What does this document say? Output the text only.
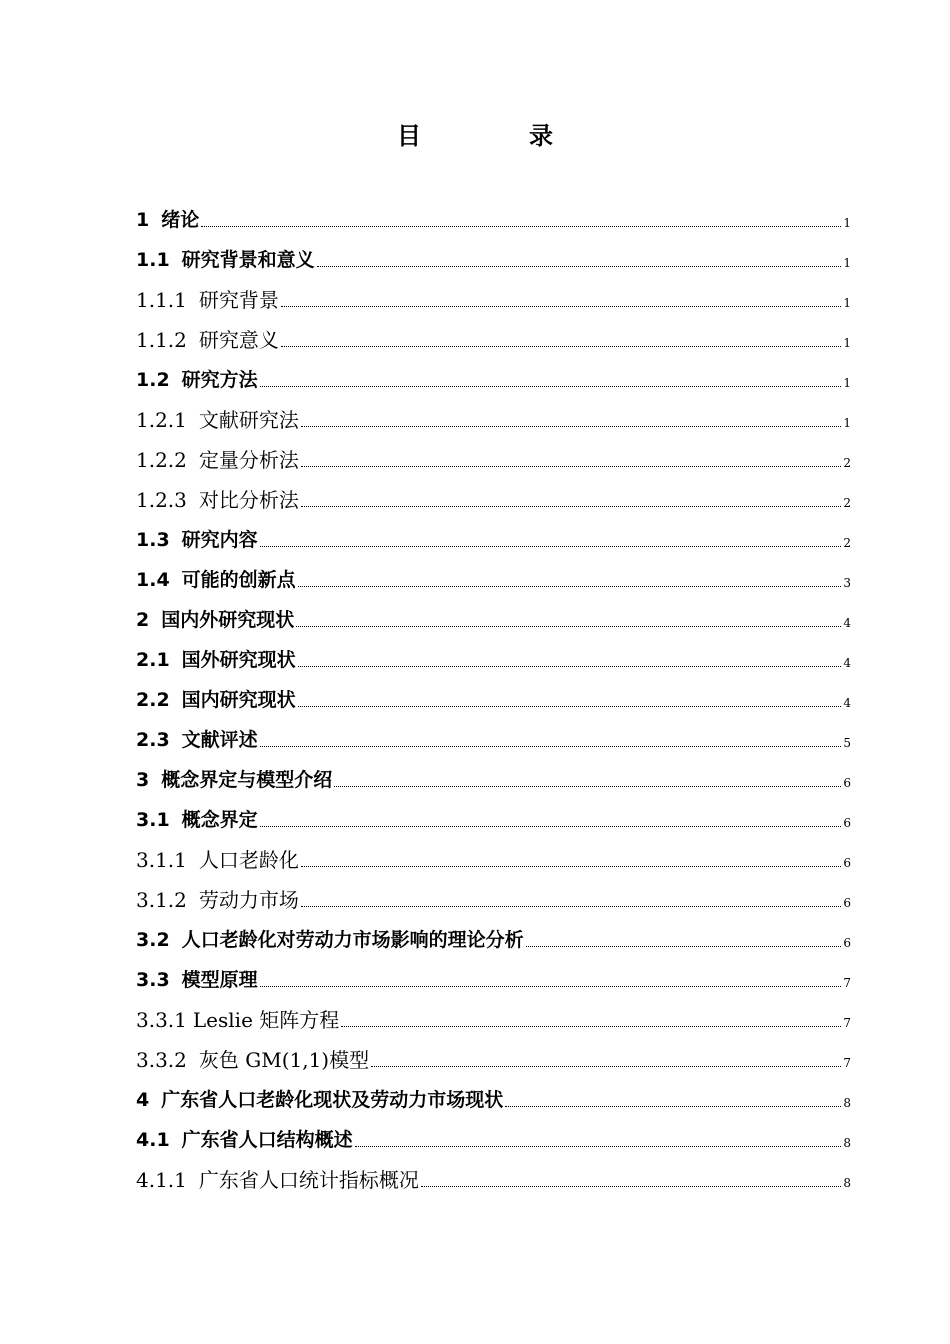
目　录
1 绪论	1
1.1 研究背景和意义	1
1.1.1 研究背景	1
1.1.2 研究意义	1
1.2 研究方法	1
1.2.1 文献研究法	1
1.2.2 定量分析法	2
1.2.3 对比分析法	2
1.3 研究内容	2
1.4 可能的创新点	3
2 国内外研究现状	4
2.1 国外研究现状	4
2.2 国内研究现状	4
2.3 文献评述	5
3 概念界定与模型介绍	6
3.1 概念界定	6
3.1.1 人口老龄化	6
3.1.2 劳动力市场	6
3.2 人口老龄化对劳动力市场影响的理论分析	6
3.3 模型原理	7
3.3.1 Leslie 矩阵方程	7
3.3.2 灰色 GM(1,1)模型	7
4 广东省人口老龄化现状及劳动力市场现状	8
4.1 广东省人口结构概述	8
4.1.1 广东省人口统计指标概况	8
